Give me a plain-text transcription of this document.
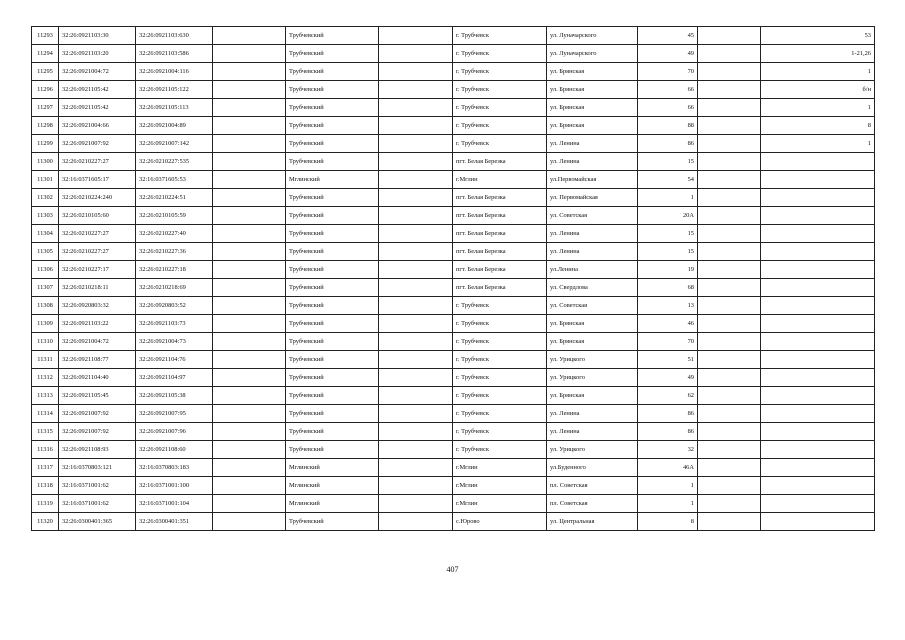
11293	32:26:0921103:30	32:26:0921103:630		Трубчевский		г. Трубчевск	ул. Луначарского	45		53
11294	32:26:0921103:20	32:26:0921103:586		Трубчевский		г. Трубчевск	ул. Луначарского	49		1-21,26
11295	32:26:0921004:72	32:26:0921004:116		Трубчевский		г. Трубчевск	ул. Брянская	70		1
11296	32:26:0921105:42	32:26:0921105:122		Трубчевский		г. Трубчевск	ул. Брянская	66		б/н
11297	32:26:0921105:42	32:26:0921105:113		Трубчевский		г. Трубчевск	ул. Брянская	66		1
11298	32:26:0921004:66	32:26:0921004:89		Трубчевский		г. Трубчевск	ул. Брянская	88		8
11299	32:26:0921007:92	32:26:0921007:142		Трубчевский		г. Трубчевск	ул. Ленина	86		1
11300	32:26:0210227:27	32:26:0210227:535		Трубчевский		пгт. Белая Березка	ул. Ленина	15		
11301	32:16:0371605:17	32:16:0371605:53		Мглинский		г.Мглин	ул.Первомайская	54		
11302	32:26:0210224:240	32:26:0210224:51		Трубчевский		пгт. Белая Березка	ул. Первомайская	1		
11303	32:26:0210105:60	32:26:0210105:59		Трубчевский		пгт. Белая Березка	ул. Советская	20А		
11304	32:26:0210227:27	32:26:0210227:40		Трубчевский		пгт. Белая Березка	ул. Ленина	15		
11305	32:26:0210227:27	32:26:0210227:36		Трубчевский		пгт. Белая Березка	ул. Ленина	15		
11306	32:26:0210227:17	32:26:0210227:18		Трубчевский		пгт. Белая Березка	ул.Ленина	19		
11307	32:26:0210218:11	32:26:0210218:69		Трубчевский		пгт. Белая Березка	ул. Свердлова	68		
11308	32:26:0920803:32	32:26:0920803:52		Трубчевский		г. Трубчевск	ул. Советская	13		
11309	32:26:0921103:22	32:26:0921103:73		Трубчевский		г. Трубчевск	ул. Брянская	46		
11310	32:26:0921004:72	32:26:0921004:73		Трубчевский		г. Трубчевск	ул. Брянская	70		
11311	32:26:0921108:77	32:26:0921104:76		Трубчевский		г. Трубчевск	ул. Урицкого	51		
11312	32:26:0921104:40	32:26:0921104:97		Трубчевский		г. Трубчевск	ул. Урицкого	49		
11313	32:26:0921105:45	32:26:0921105:38		Трубчевский		г. Трубчевск	ул. Брянская	62		
11314	32:26:0921007:92	32:26:0921007:95		Трубчевский		г. Трубчевск	ул. Ленина	86		
11315	32:26:0921007:92	32:26:0921007:96		Трубчевский		г. Трубчевск	ул. Ленина	86		
11316	32:26:0921108:93	32:26:0921108:60		Трубчевский		г. Трубчевск	ул. Урицкого	32		
11317	32:16:0370803:121	32:16:0370803:183		Мглинский		г.Мглин	ул.Буденного	46А		
11318	32:16:0371001:62	32:16:0371001:100		Мглинский		г.Мглин	пл. Советская	1		
11319	32:16:0371001:62	32:16:0371001:104		Мглинский		г.Мглин	пл. Советская	1		
11320	32:26:0300401:365	32:26:0300401:351		Трубчевский		с.Юрово	ул. Центральная	8		
407
